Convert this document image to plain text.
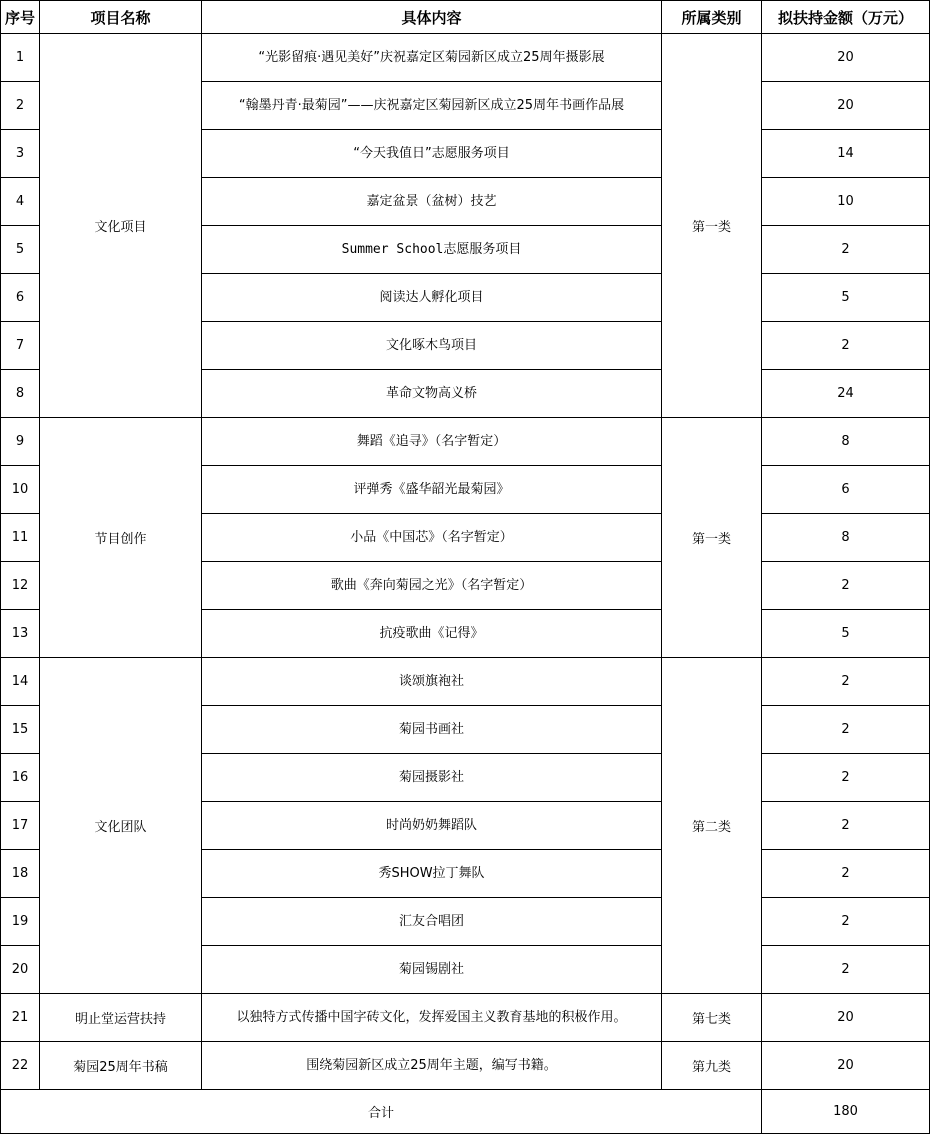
序号	项目名称	具体内容	所属类别	拟扶持金额（万元）
1	文化项目	“光影留痕·遇见美好”庆祝嘉定区菊园新区成立25周年摄影展	第一类	20
2		“翰墨丹青·最菊园”——庆祝嘉定区菊园新区成立25周年书画作品展		20
3		“今天我值日”志愿服务项目		14
4		嘉定盆景（盆树）技艺		10
5		Summer School志愿服务项目		2
6		阅读达人孵化项目		5
7		文化啄木鸟项目		2
8		革命文物高义桥		24
9	节目创作	舞蹈《追寻》（名字暂定）	第一类	8
10		评弹秀《盛华韶光最菊园》		6
11		小品《中国芯》（名字暂定）		8
12		歌曲《奔向菊园之光》（名字暂定）		2
13		抗疫歌曲《记得》		5
14	文化团队	谈颂旗袍社	第二类	2
15		菊园书画社		2
16		菊园摄影社		2
17		时尚奶奶舞蹈队		2
18		秀SHOW拉丁舞队		2
19		汇友合唱团		2
20		菊园锡剧社		2
21	明止堂运营扶持	以独特方式传播中国字砖文化，发挥爱国主义教育基地的积极作用。	第七类	20
22	菊园25周年书稿	围绕菊园新区成立25周年主题，编写书籍。	第九类	20
合计				180
